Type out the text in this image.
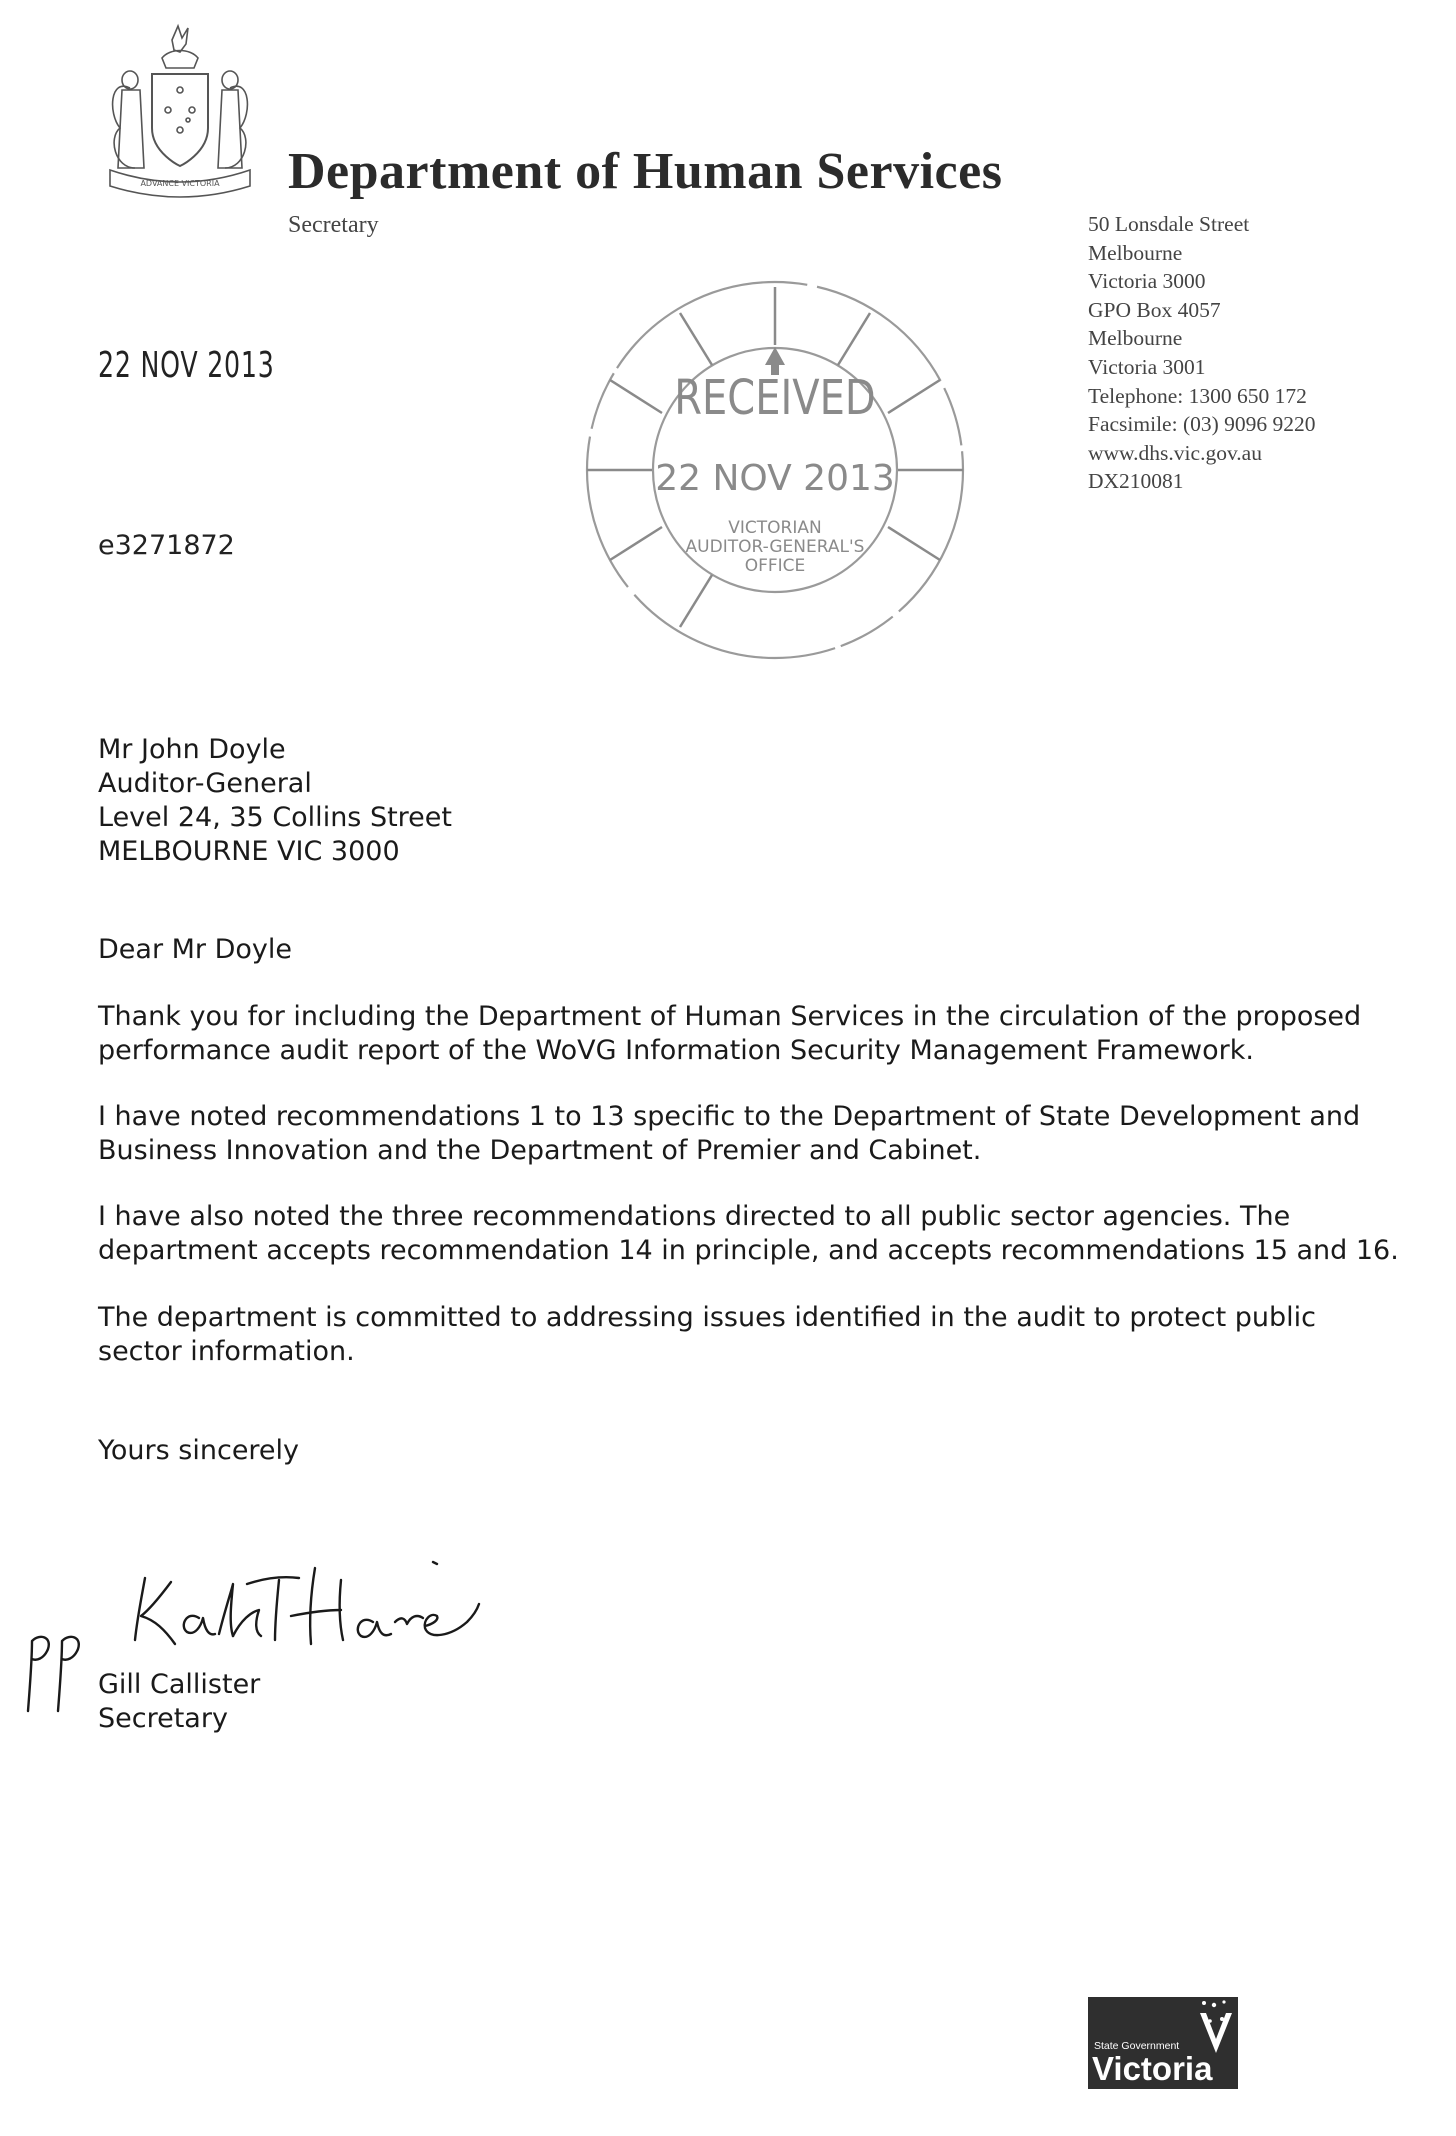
ADVANCE VICTORIA Department of Human Services
Secretary	50 Lonsdale Street
Melbourne
Victoria 3000
GPO Box 4057
Melbourne
Victoria 3001
Telephone: 1300 650 172
Facsimile: (03) 9096 9220
www.dhs.vic.gov.au
DX210081
22 NOV 2013
e3271872
RECEIVED
22 NOV 2013
VICTORIAN
AUDITOR-GENERAL'S
OFFICE
Mr John Doyle
Auditor-General
Level 24, 35 Collins Street
MELBOURNE VIC 3000
Dear Mr Doyle
Thank you for including the Department of Human Services in the circulation of the proposed
performance audit report of the WoVG Information Security Management Framework.
I have noted recommendations 1 to 13 specific to the Department of State Development and
Business Innovation and the Department of Premier and Cabinet.
I have also noted the three recommendations directed to all public sector agencies. The
department accepts recommendation 14 in principle, and accepts recommendations 15 and 16.
The department is committed to addressing issues identified in the audit to protect public
sector information.
Yours sincerely
PP
Gill Callister
Secretary
State Government
Victoria
